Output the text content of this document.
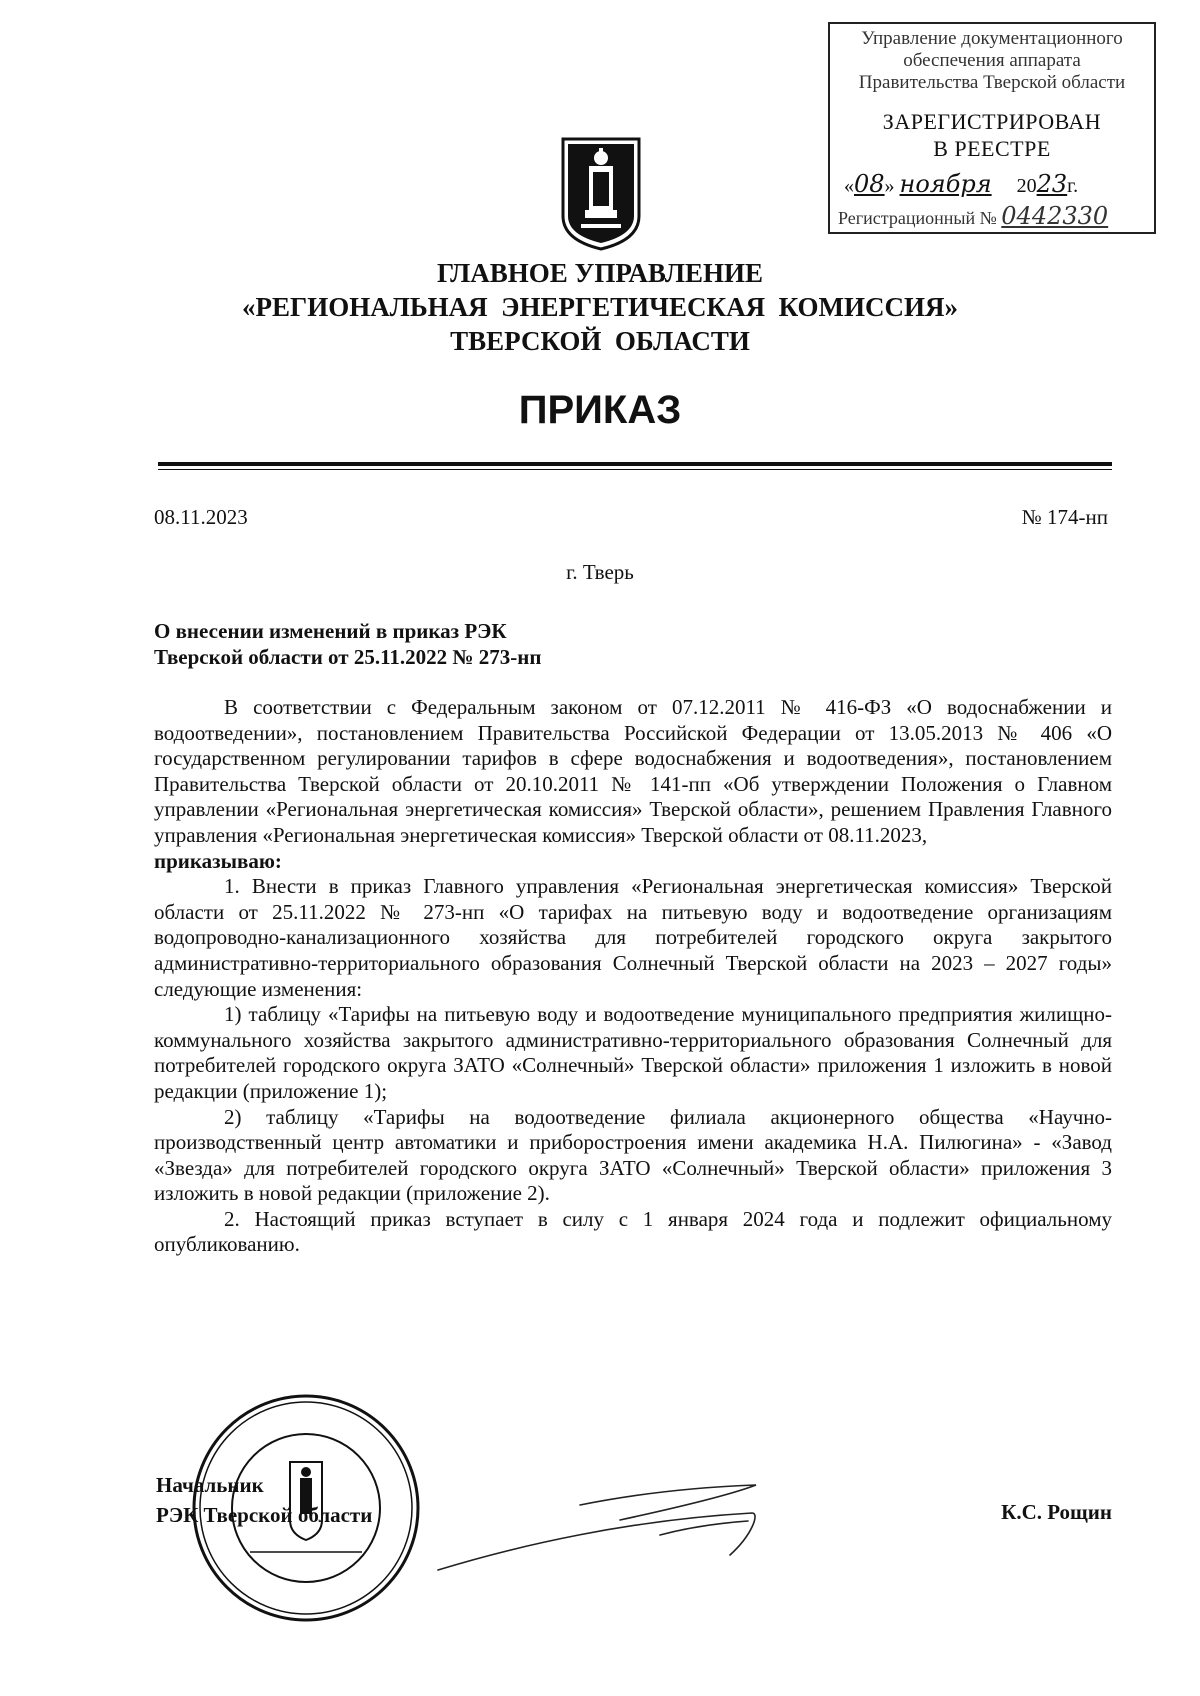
Управление документационного
обеспечения аппарата
Правительства Тверской области
ЗАРЕГИСТРИРОВАН
В РЕЕСТРЕ
«08» ноября 2023г.
Регистрационный № 0442330
ГЛАВНОЕ УПРАВЛЕНИЕ
«РЕГИОНАЛЬНАЯ  ЭНЕРГЕТИЧЕСКАЯ  КОМИССИЯ»
ТВЕРСКОЙ  ОБЛАСТИ
ПРИКАЗ
08.11.2023	№ 174-нп
г. Тверь
О внесении изменений в приказ РЭК
Тверской области от 25.11.2022 № 273-нп

В соответствии с Федеральным законом от 07.12.2011 № 416-ФЗ «О водоснабжении и водоотведении», постановлением Правительства Российской Федерации от 13.05.2013 № 406 «О государственном регулировании тарифов в сфере водоснабжения и водоотведения», постановлением Правительства Тверской области от 20.10.2011 № 141-пп «Об утверждении Положения о Главном управлении «Региональная энергетическая комиссия» Тверской области», решением Правления Главного управления «Региональная энергетическая комиссия» Тверской области от 08.11.2023,

приказываю:

1. Внести в приказ Главного управления «Региональная энергетическая комиссия» Тверской области от 25.11.2022 № 273-нп «О тарифах на питьевую воду и водоотведение организациям водопроводно-канализационного хозяйства для потребителей городского округа закрытого административно-территориального образования Солнечный Тверской области на 2023 – 2027 годы» следующие изменения:

1) таблицу «Тарифы на питьевую воду и водоотведение муниципального предприятия жилищно-коммунального хозяйства закрытого административно-территориального образования Солнечный для потребителей городского округа ЗАТО «Солнечный» Тверской области» приложения 1 изложить в новой редакции (приложение 1);

2) таблицу «Тарифы на водоотведение филиала акционерного общества «Научно-производственный центр автоматики и приборостроения имени академика Н.А. Пилюгина» - «Завод «Звезда» для потребителей городского округа ЗАТО «Солнечный» Тверской области» приложения 3 изложить в новой редакции (приложение 2).

2. Настоящий приказ вступает в силу с 1 января 2024 года и подлежит официальному опубликованию.

Начальник
РЭК Тверской области	К.С. Рощин
